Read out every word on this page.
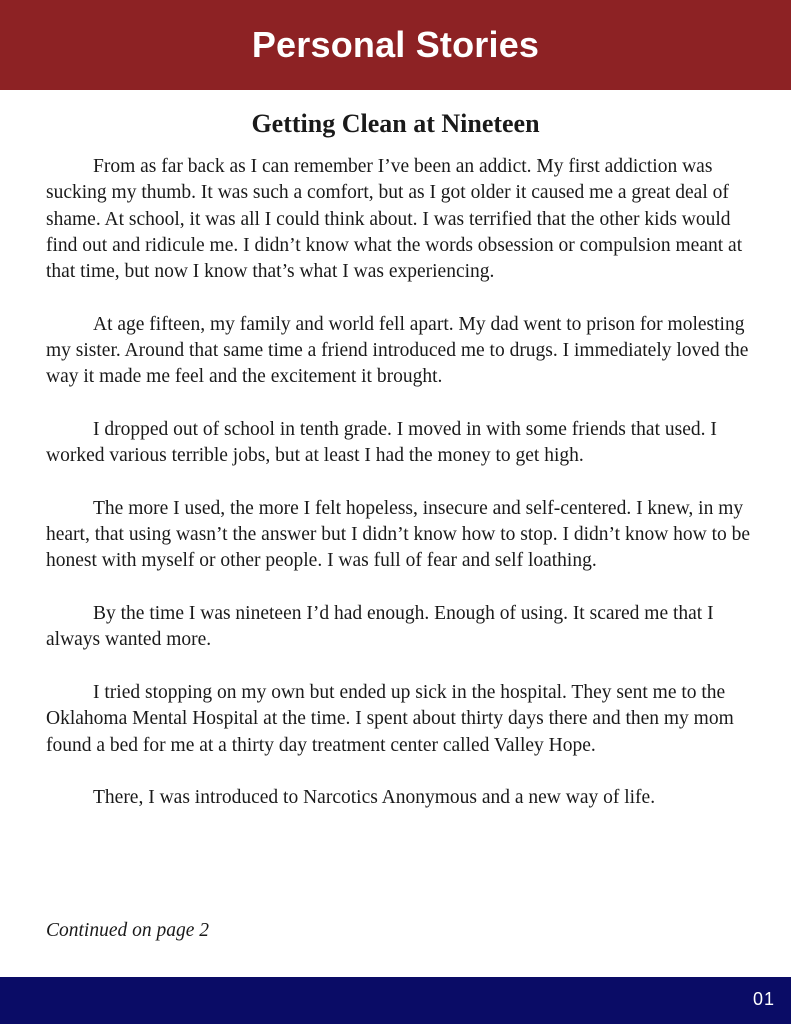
Personal Stories
Getting Clean at Nineteen

From as far back as I can remember I’ve been an addict. My first addiction was sucking my thumb. It was such a comfort, but as I got older it caused me a great deal of shame. At school, it was all I could think about. I was terrified that the other kids would find out and ridicule me. I didn’t know what the words obsession or compulsion meant at that time, but now I know that’s what I was experiencing.

At age fifteen, my family and world fell apart. My dad went to prison for molesting my sister. Around that same time a friend introduced me to drugs. I immediately loved the way it made me feel and the excitement it brought.

I dropped out of school in tenth grade. I moved in with some friends that used. I worked various terrible jobs, but at least I had the money to get high.

The more I used, the more I felt hopeless, insecure and self-centered. I knew, in my heart, that using wasn’t the answer but I didn’t know how to stop. I didn’t know how to be honest with myself or other people. I was full of fear and self loathing.

By the time I was nineteen I’d had enough. Enough of using. It scared me that I always wanted more.

I tried stopping on my own but ended up sick in the hospital. They sent me to the Oklahoma Mental Hospital at the time. I spent about thirty days there and then my mom found a bed for me at a thirty day treatment center called Valley Hope.

There, I was introduced to Narcotics Anonymous and a new way of life.

Continued on page 2
01
